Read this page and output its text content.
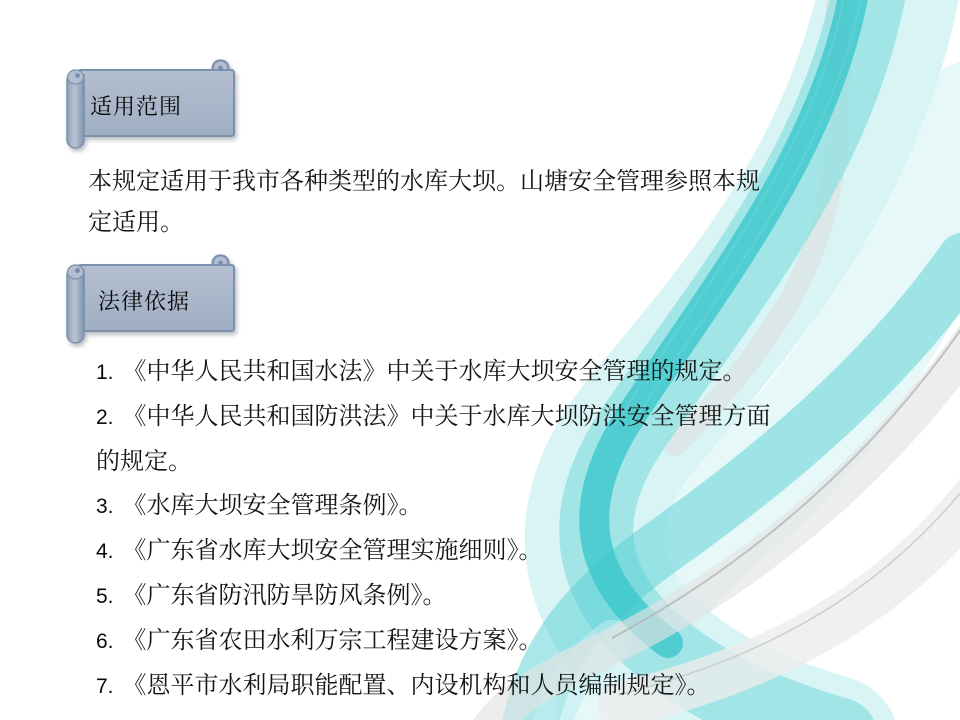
适用范围
本规定适用于我市各种类型的水库大坝。山塘安全管理参照本规定适用。
法律依据
1. 《中华人民共和国水法》中关于水库大坝安全管理的规定。
2. 《中华人民共和国防洪法》中关于水库大坝防洪安全管理方面的规定。
3. 《水库大坝安全管理条例》。
4. 《广东省水库大坝安全管理实施细则》。
5. 《广东省防汛防旱防风条例》。
6. 《广东省农田水利万宗工程建设方案》。
7. 《恩平市水利局职能配置、内设机构和人员编制规定》。
